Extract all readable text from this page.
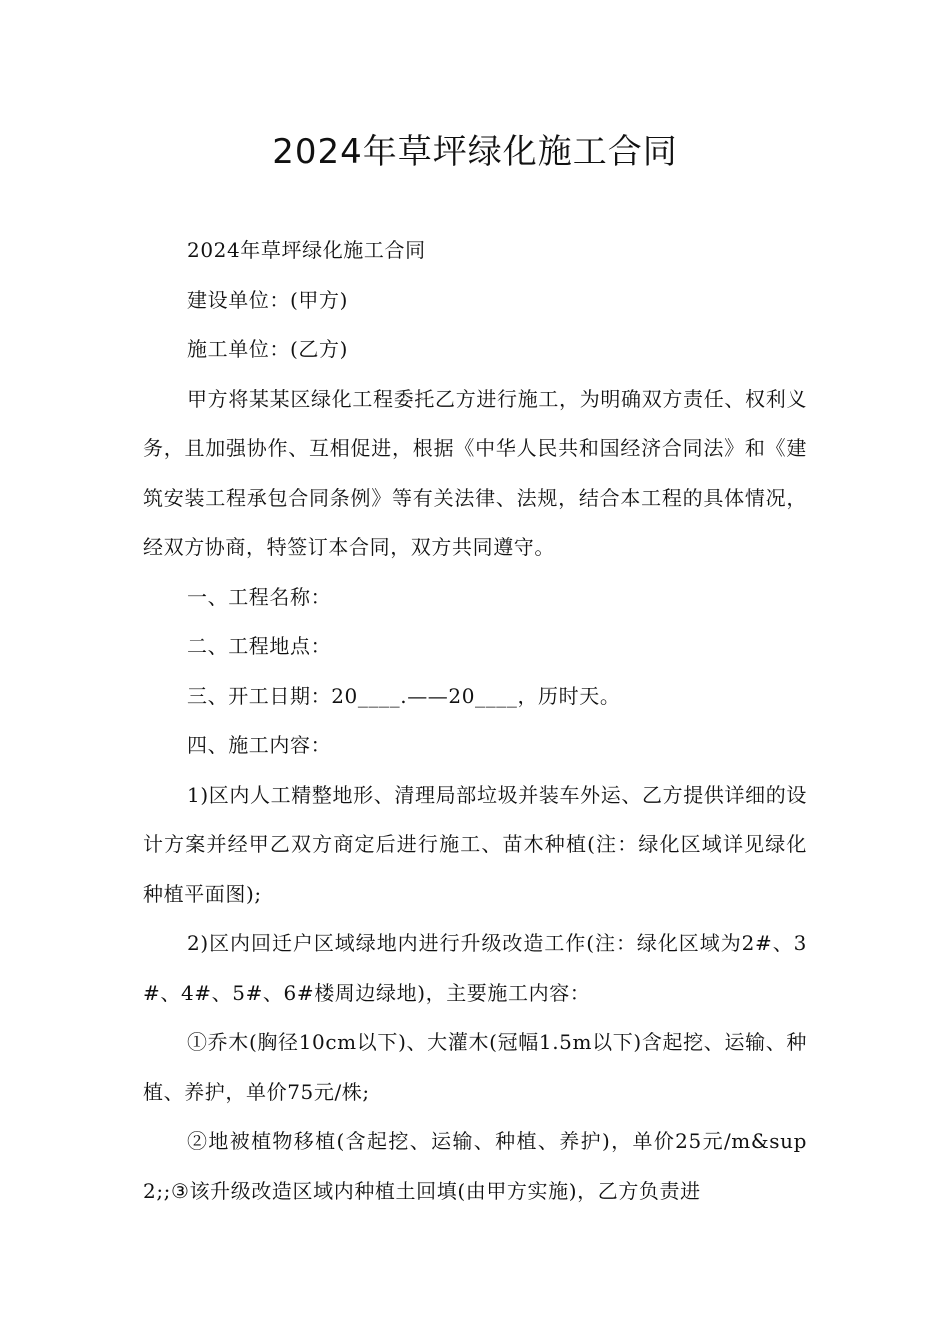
2024年草坪绿化施工合同

2024年草坪绿化施工合同

建设单位：(甲方)

施工单位：(乙方)

甲方将某某区绿化工程委托乙方进行施工，为明确双方责任、权利义务，且加强协作、互相促进，根据《中华人民共和国经济合同法》和《建筑安装工程承包合同条例》等有关法律、法规，结合本工程的具体情况，经双方协商，特签订本合同，双方共同遵守。

一、工程名称：

二、工程地点：

三、开工日期：20____.——20____，历时天。

四、施工内容：

1)区内人工精整地形、清理局部垃圾并装车外运、乙方提供详细的设计方案并经甲乙双方商定后进行施工、苗木种植(注：绿化区域详见绿化种植平面图);

2)区内回迁户区域绿地内进行升级改造工作(注：绿化区域为2#、3#、4#、5#、6#楼周边绿地)，主要施工内容：

①乔木(胸径10cm以下)、大灌木(冠幅1.5m以下)含起挖、运输、种植、养护，单价75元/株;

②地被植物移植(含起挖、运输、种植、养护)，单价25元/m&sup2;;③该升级改造区域内种植土回填(由甲方实施)，乙方负责进
